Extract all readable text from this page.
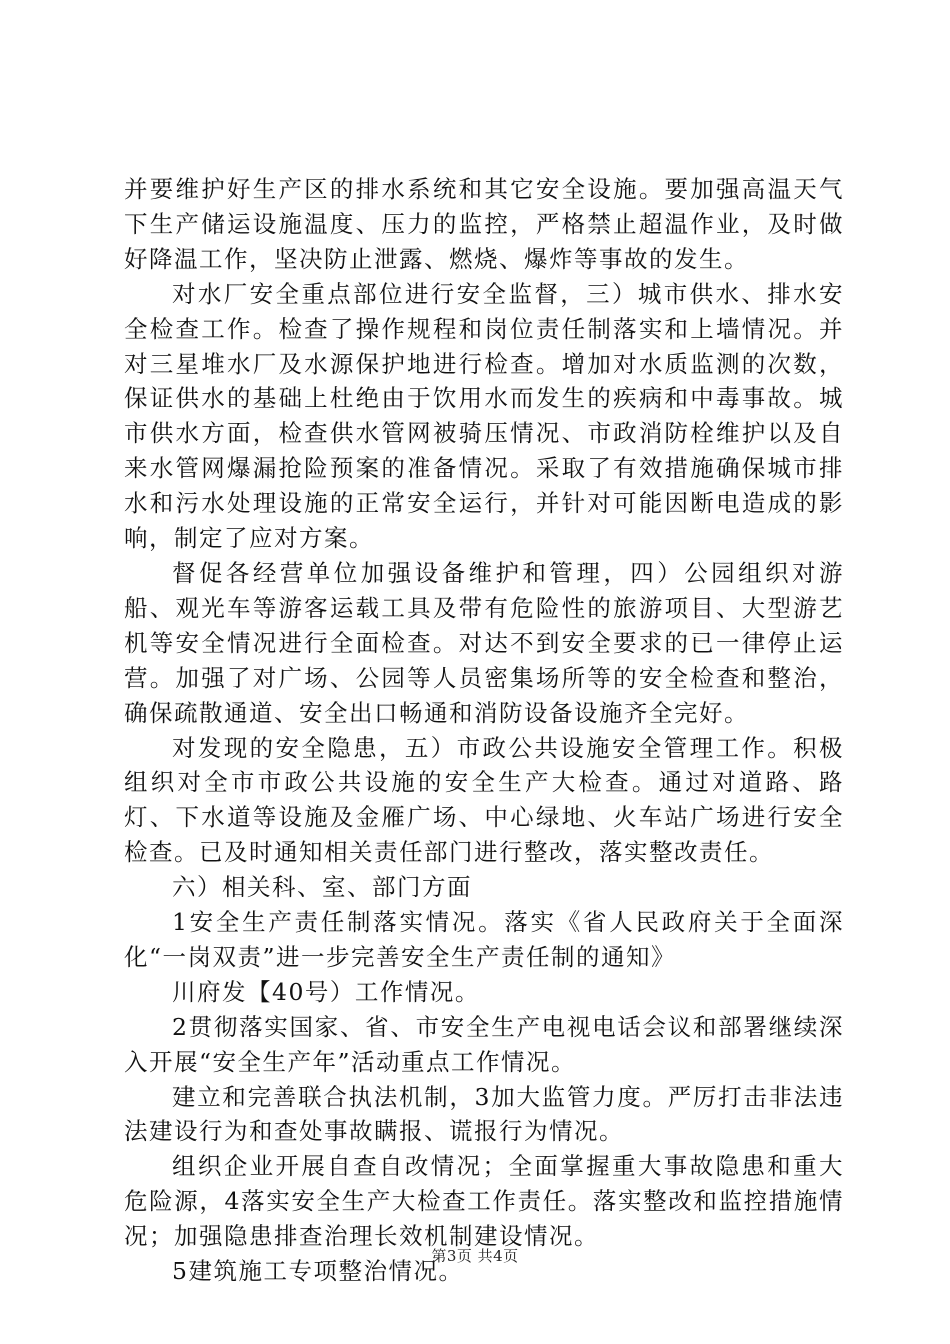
并要维护好生产区的排水系统和其它安全设施。要加强高温天气下生产储运设施温度、压力的监控，严格禁止超温作业，及时做好降温工作，坚决防止泄露、燃烧、爆炸等事故的发生。

对水厂安全重点部位进行安全监督，三）城市供水、排水安全检查工作。检查了操作规程和岗位责任制落实和上墙情况。并对三星堆水厂及水源保护地进行检查。增加对水质监测的次数，保证供水的基础上杜绝由于饮用水而发生的疾病和中毒事故。城市供水方面，检查供水管网被骑压情况、市政消防栓维护以及自来水管网爆漏抢险预案的准备情况。采取了有效措施确保城市排水和污水处理设施的正常安全运行，并针对可能因断电造成的影响，制定了应对方案。

督促各经营单位加强设备维护和管理，四）公园组织对游船、观光车等游客运载工具及带有危险性的旅游项目、大型游艺机等安全情况进行全面检查。对达不到安全要求的已一律停止运营。加强了对广场、公园等人员密集场所等的安全检查和整治，确保疏散通道、安全出口畅通和消防设备设施齐全完好。

对发现的安全隐患，五）市政公共设施安全管理工作。积极组织对全市市政公共设施的安全生产大检查。通过对道路、路灯、下水道等设施及金雁广场、中心绿地、火车站广场进行安全检查。已及时通知相关责任部门进行整改，落实整改责任。

六）相关科、室、部门方面

1安全生产责任制落实情况。落实《省人民政府关于全面深化“一岗双责”进一步完善安全生产责任制的通知》

川府发【40号）工作情况。

2贯彻落实国家、省、市安全生产电视电话会议和部署继续深入开展“安全生产年”活动重点工作情况。

建立和完善联合执法机制，3加大监管力度。严厉打击非法违法建设行为和查处事故瞒报、谎报行为情况。

组织企业开展自查自改情况；全面掌握重大事故隐患和重大危险源，4落实安全生产大检查工作责任。落实整改和监控措施情况；加强隐患排查治理长效机制建设情况。

5建筑施工专项整治情况。

第3页 共4页
